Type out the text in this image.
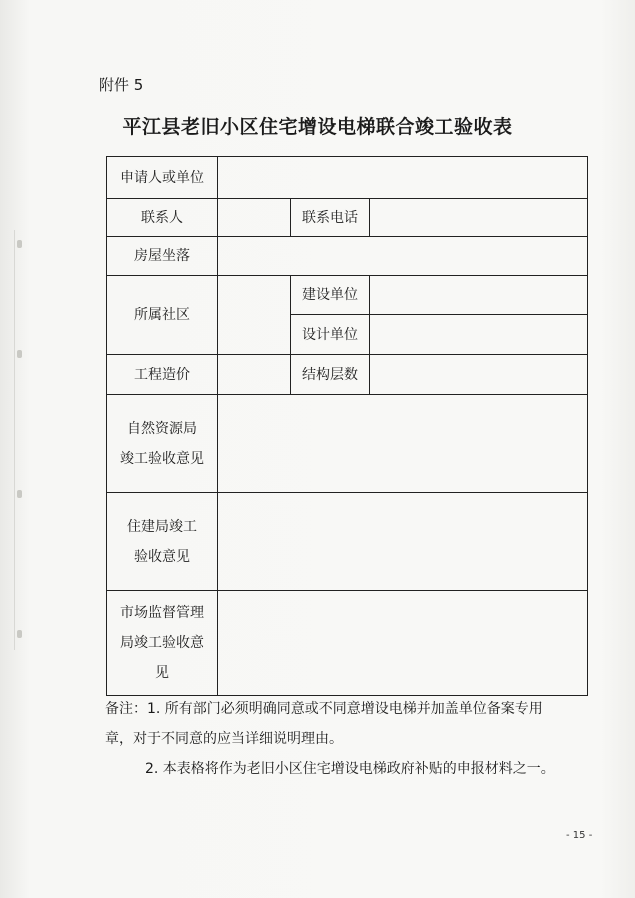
附件 5
平江县老旧小区住宅增设电梯联合竣工验收表
申请人或单位			
联系人		联系电话	
房屋坐落			
所属社区		建设单位	
		设计单位	
工程造价		结构层数	

自然资源局
竣工验收意见			

住建局竣工
验收意见			

市场监督管理
局竣工验收意
见			

备注：1. 所有部门必须明确同意或不同意增设电梯并加盖单位备案专用

章，对于不同意的应当详细说明理由。

2. 本表格将作为老旧小区住宅增设电梯政府补贴的申报材料之一。

- 15 -
